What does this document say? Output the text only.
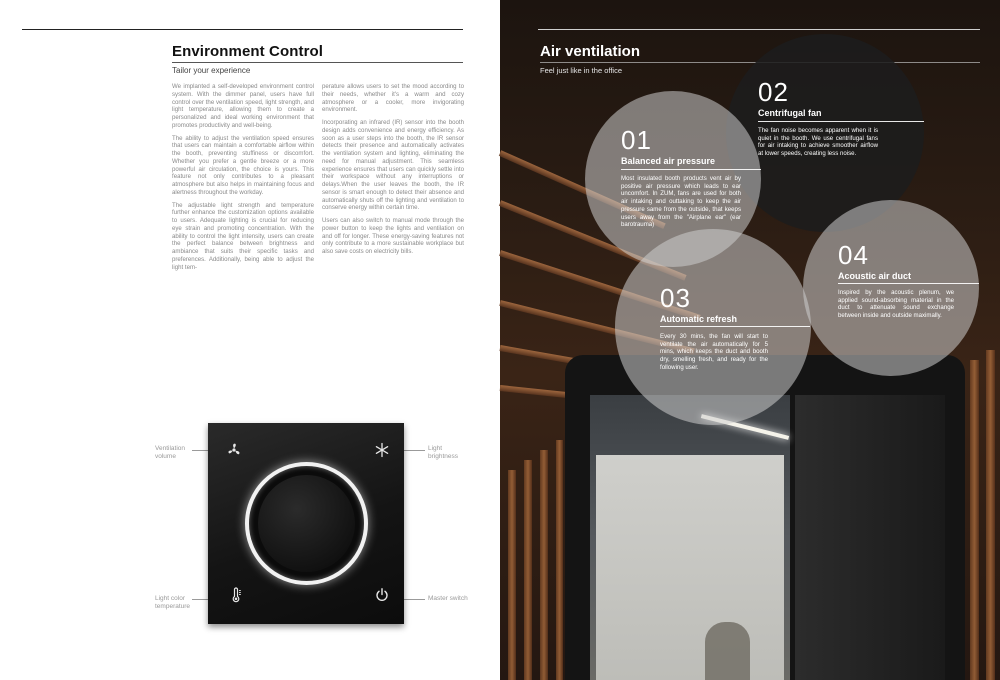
Environment Control
Tailor your experience

We implanted a self-developed environment control system. With the dimmer panel, users have full control over the ventilation speed, light strength, and light temperature, allowing them to create a personalized and ideal working environment that promotes productivity and well-being.

The ability to adjust the ventilation speed ensures that users can maintain a comfortable airflow within the booth, preventing stuffiness or discomfort. Whether you prefer a gentle breeze or a more powerful air circulation, the choice is yours. This feature not only contributes to a pleasant atmosphere but also helps in maintaining focus and alertness throughout the workday.

The adjustable light strength and temperature further enhance the customization options available to users. Adequate lighting is crucial for reducing eye strain and promoting concentration. With the ability to control the light intensity, users can create the perfect balance between brightness and ambiance that suits their specific tasks and preferences. Additionally, being able to adjust the light tem-

perature allows users to set the mood according to their needs, whether it's a warm and cozy atmosphere or a cooler, more invigorating environment.

Incorporating an infrared (IR) sensor into the booth design adds convenience and energy efficiency. As soon as a user steps into the booth, the IR sensor detects their presence and automatically activates the ventilation system and lighting, eliminating the need for manual adjustment. This seamless experience ensures that users can quickly settle into their workspace without any interruptions or delays.When the user leaves the booth, the IR sensor is smart enough to detect their absence and automatically shuts off the lighting and ventilation to conserve energy within certain time.

Users can also switch to manual mode through the power button to keep the lights and ventilation on and off for longer. These energy-saving features not only contribute to a more sustainable workplace but also save costs on electricity bills.

Ventilation volume
Light brightness
Light color temperature
Master switch
Air ventilation
Feel just like in the office
02
Centrifugal fan
The fan noise becomes apparent when it is quiet in the booth. We use centrifugal fans for air intaking to achieve smoother airflow at lower speeds, creating less noise.
01
Balanced air pressure
Most insulated booth products vent air by positive air pressure which leads to ear uncomfort. In ZUM, fans are used for both air intaking and outtaking to keep the air pressure same from the outside, that keeps users away from the "Airplane ear" (ear barotrauma)
03
Automatic refresh
Every 30 mins, the fan will start to ventilate the air automatically for 5 mins, which keeps the duct and booth dry, smelling fresh, and ready for the following user.
04
Acoustic air duct
Inspired by the acoustic plenum, we applied sound-absorbing material in the duct to attenuate sound exchange between inside and outside maximally.
